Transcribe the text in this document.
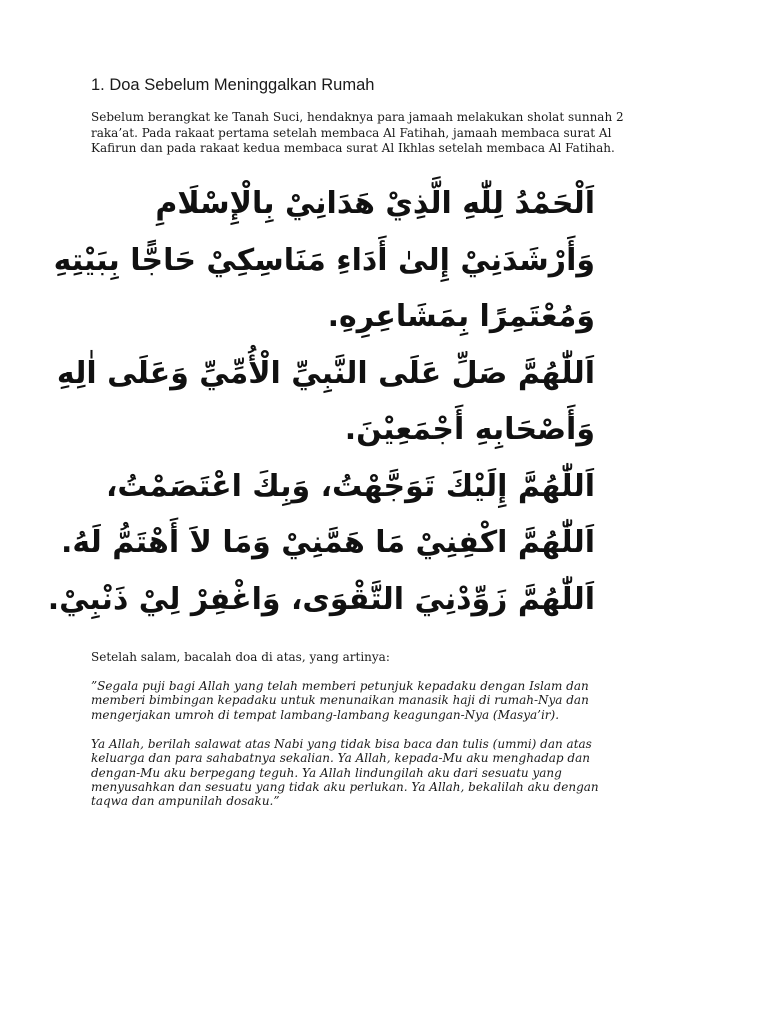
1. Doa Sebelum Meninggalkan Rumah
Sebelum berangkat ke Tanah Suci, hendaknya para jamaah melakukan sholat sunnah 2
raka’at. Pada rakaat pertama setelah membaca Al Fatihah, jamaah membaca surat Al
Kafirun dan pada rakaat kedua membaca surat Al Ikhlas setelah membaca Al Fatihah.
اَلْحَمْدُ لِلّٰهِ الَّذِيْ هَدَانِيْ بِالْإِسْلَامِ
وَأَرْشَدَنِيْ إِلىٰ أَدَاءِ مَنَاسِكِيْ حَاجًّا بِبَيْتِهِ
وَمُعْتَمِرًا بِمَشَاعِرِهِ.
اَللّٰهُمَّ صَلِّ عَلَى النَّبِيِّ الْأُمِّيِّ وَعَلَى اٰلِهِ
وَأَصْحَابِهِ أَجْمَعِيْنَ.
اَللّٰهُمَّ إِلَيْكَ تَوَجَّهْتُ، وَبِكَ اعْتَصَمْتُ،
اَللّٰهُمَّ اكْفِنِيْ مَا هَمَّنِيْ وَمَا لاَ أَهْتَمُّ لَهُ.
اَللّٰهُمَّ زَوِّدْنِيَ التَّقْوَى، وَاغْفِرْ لِيْ ذَنْبِيْ.
Setelah salam, bacalah doa di atas, yang artinya:
”Segala puji bagi Allah yang telah memberi petunjuk kepadaku dengan Islam dan
memberi bimbingan kepadaku untuk menunaikan manasik haji di rumah-Nya dan
mengerjakan umroh di tempat lambang-lambang keagungan-Nya (Masya’ir).
Ya Allah, berilah salawat atas Nabi yang tidak bisa baca dan tulis (ummi) dan atas
keluarga dan para sahabatnya sekalian. Ya Allah, kepada-Mu aku menghadap dan
dengan-Mu aku berpegang teguh. Ya Allah lindungilah aku dari sesuatu yang
menyusahkan dan sesuatu yang tidak aku perlukan. Ya Allah, bekalilah aku dengan
taqwa dan ampunilah dosaku.”
